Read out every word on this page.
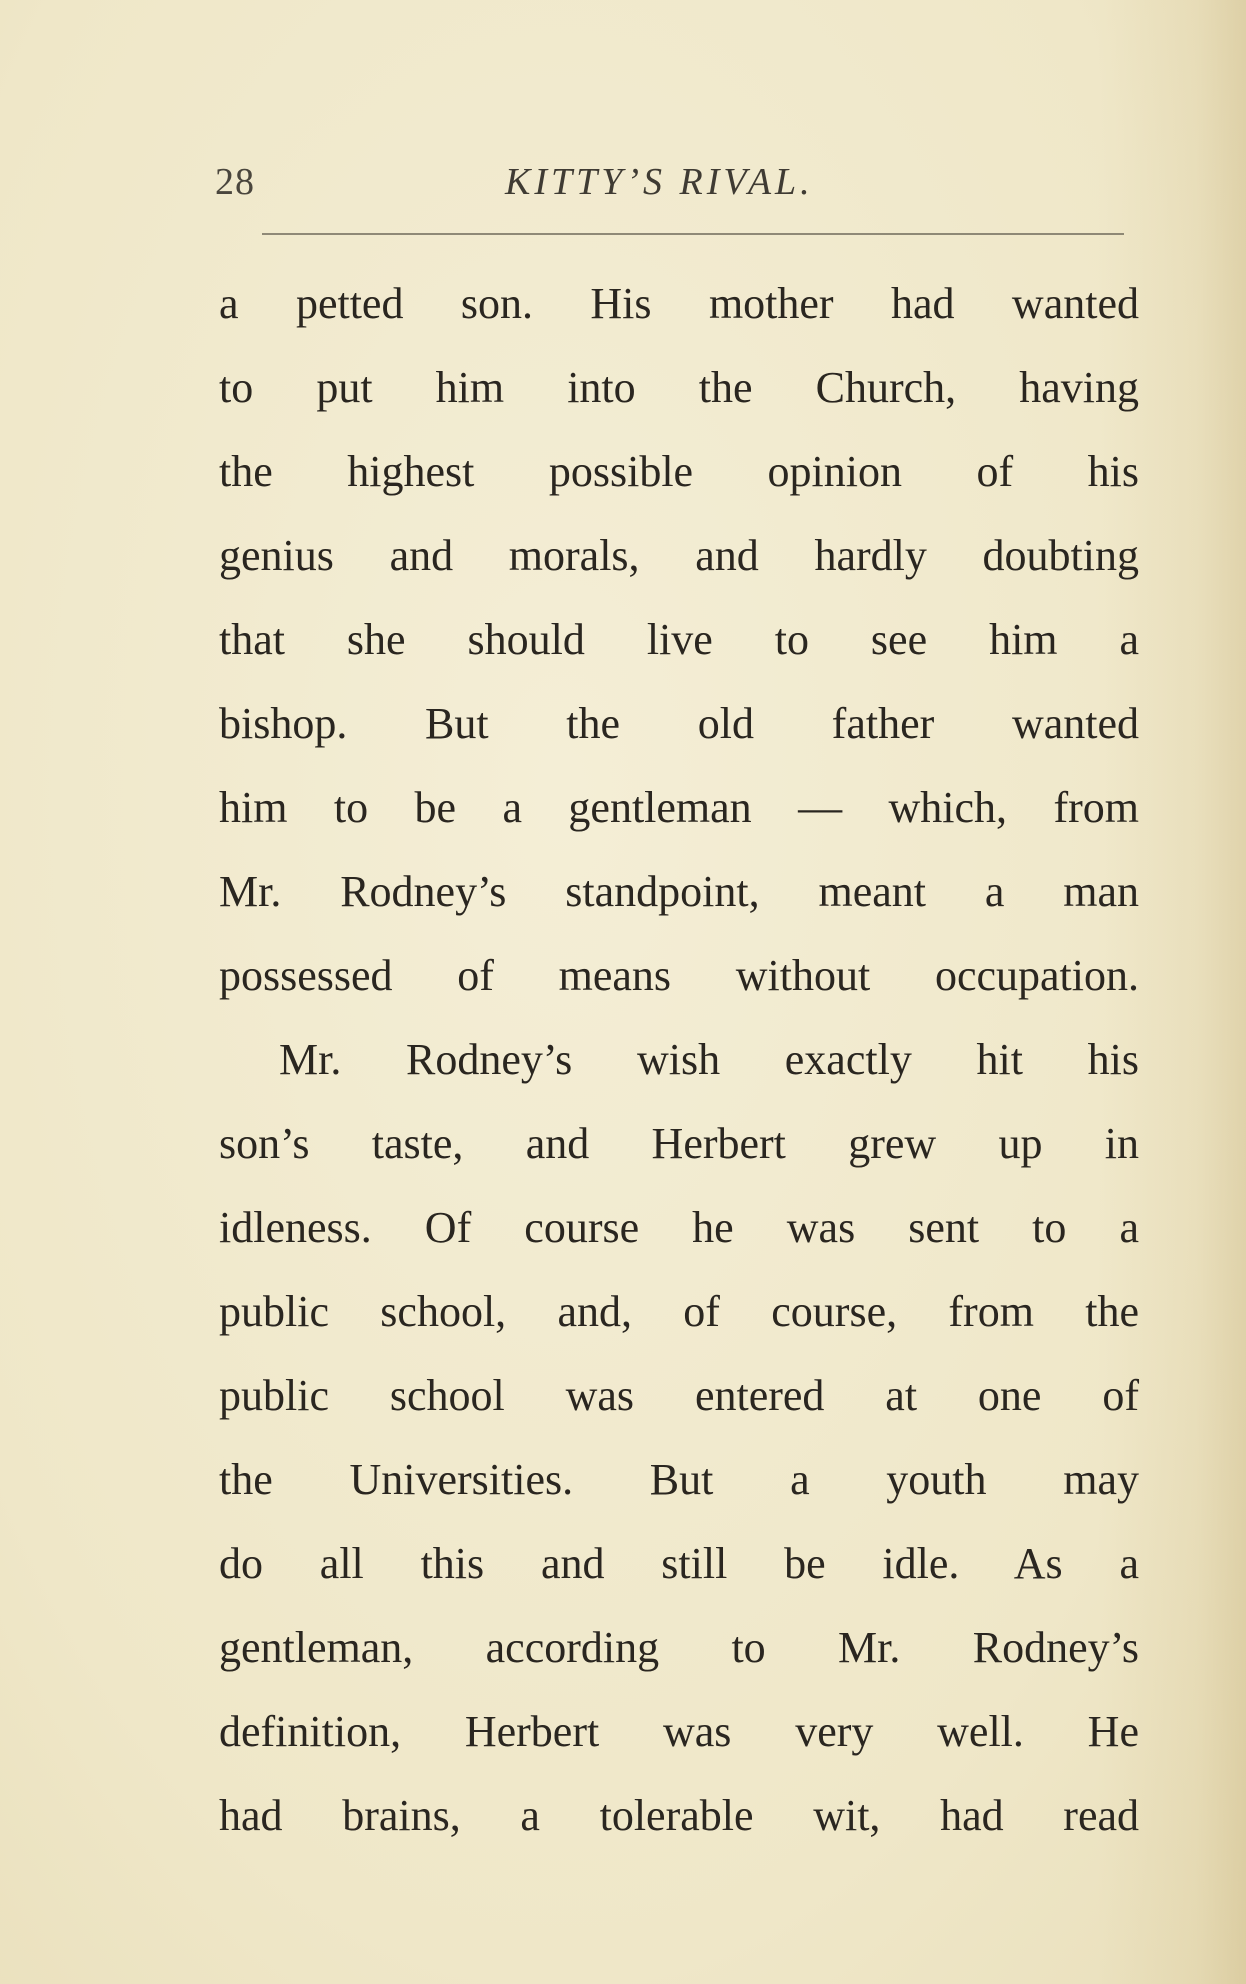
28	KITTY’S RIVAL.
a petted son. His mother had wanted
to put him into the Church, having
the highest possible opinion of his
genius and morals, and hardly doubting
that she should live to see him a
bishop. But the old father wanted
him to be a gentleman — which, from
Mr. Rodney’s standpoint, meant a man
possessed of means without occupation.
Mr. Rodney’s wish exactly hit his
son’s taste, and Herbert grew up in
idleness. Of course he was sent to a
public school, and, of course, from the
public school was entered at one of
the Universities. But a youth may
do all this and still be idle. As a
gentleman, according to Mr. Rodney’s
definition, Herbert was very well. He
had brains, a tolerable wit, had read
